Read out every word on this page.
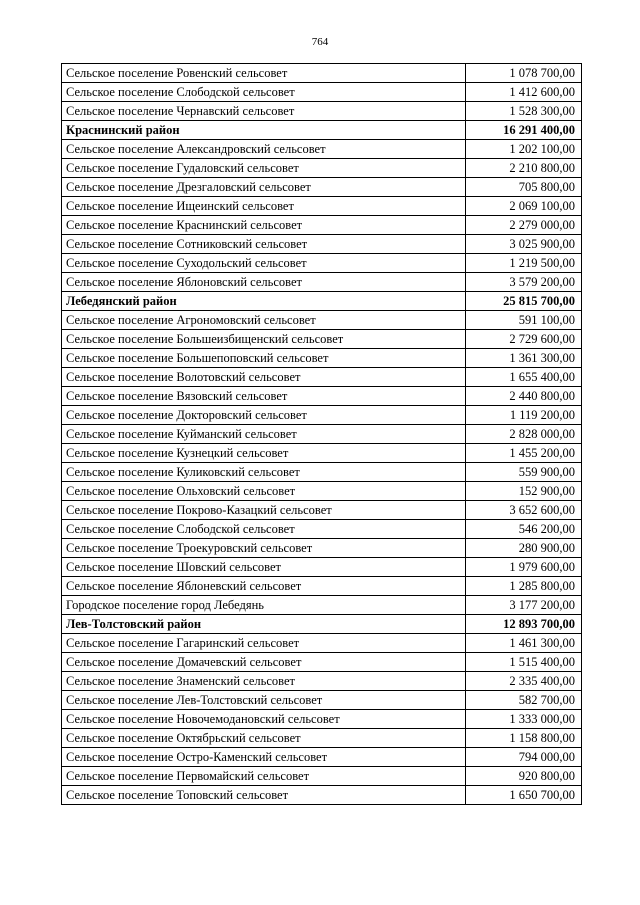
764
Сельское поселение Ровенский сельсовет	1 078 700,00
Сельское поселение Слободской сельсовет	1 412 600,00
Сельское поселение Чернавский сельсовет	1 528 300,00
Краснинский район	16 291 400,00
Сельское поселение Александровский сельсовет	1 202 100,00
Сельское поселение Гудаловский сельсовет	2 210 800,00
Сельское поселение Дрезгаловский сельсовет	705 800,00
Сельское поселение Ищеинский сельсовет	2 069 100,00
Сельское поселение Краснинский сельсовет	2 279 000,00
Сельское поселение Сотниковский сельсовет	3 025 900,00
Сельское поселение Суходольский сельсовет	1 219 500,00
Сельское поселение Яблоновский сельсовет	3 579 200,00
Лебедянский район	25 815 700,00
Сельское поселение Агрономовский сельсовет	591 100,00
Сельское поселение Большеизбищенский сельсовет	2 729 600,00
Сельское поселение Большепоповский сельсовет	1 361 300,00
Сельское поселение Волотовский сельсовет	1 655 400,00
Сельское поселение Вязовский сельсовет	2 440 800,00
Сельское поселение Докторовский сельсовет	1 119 200,00
Сельское поселение Куйманский сельсовет	2 828 000,00
Сельское поселение Кузнецкий сельсовет	1 455 200,00
Сельское поселение Куликовский сельсовет	559 900,00
Сельское поселение Ольховский сельсовет	152 900,00
Сельское поселение Покрово-Казацкий сельсовет	3 652 600,00
Сельское поселение Слободской сельсовет	546 200,00
Сельское поселение Троекуровский сельсовет	280 900,00
Сельское поселение Шовский сельсовет	1 979 600,00
Сельское поселение Яблоневский сельсовет	1 285 800,00
Городское поселение город Лебедянь	3 177 200,00
Лев-Толстовский район	12 893 700,00
Сельское поселение Гагаринский сельсовет	1 461 300,00
Сельское поселение Домачевский сельсовет	1 515 400,00
Сельское поселение Знаменский сельсовет	2 335 400,00
Сельское поселение Лев-Толстовский сельсовет	582 700,00
Сельское поселение Новочемодановский сельсовет	1 333 000,00
Сельское поселение Октябрьский сельсовет	1 158 800,00
Сельское поселение Остро-Каменский сельсовет	794 000,00
Сельское поселение Первомайский сельсовет	920 800,00
Сельское поселение Топовский сельсовет	1 650 700,00
